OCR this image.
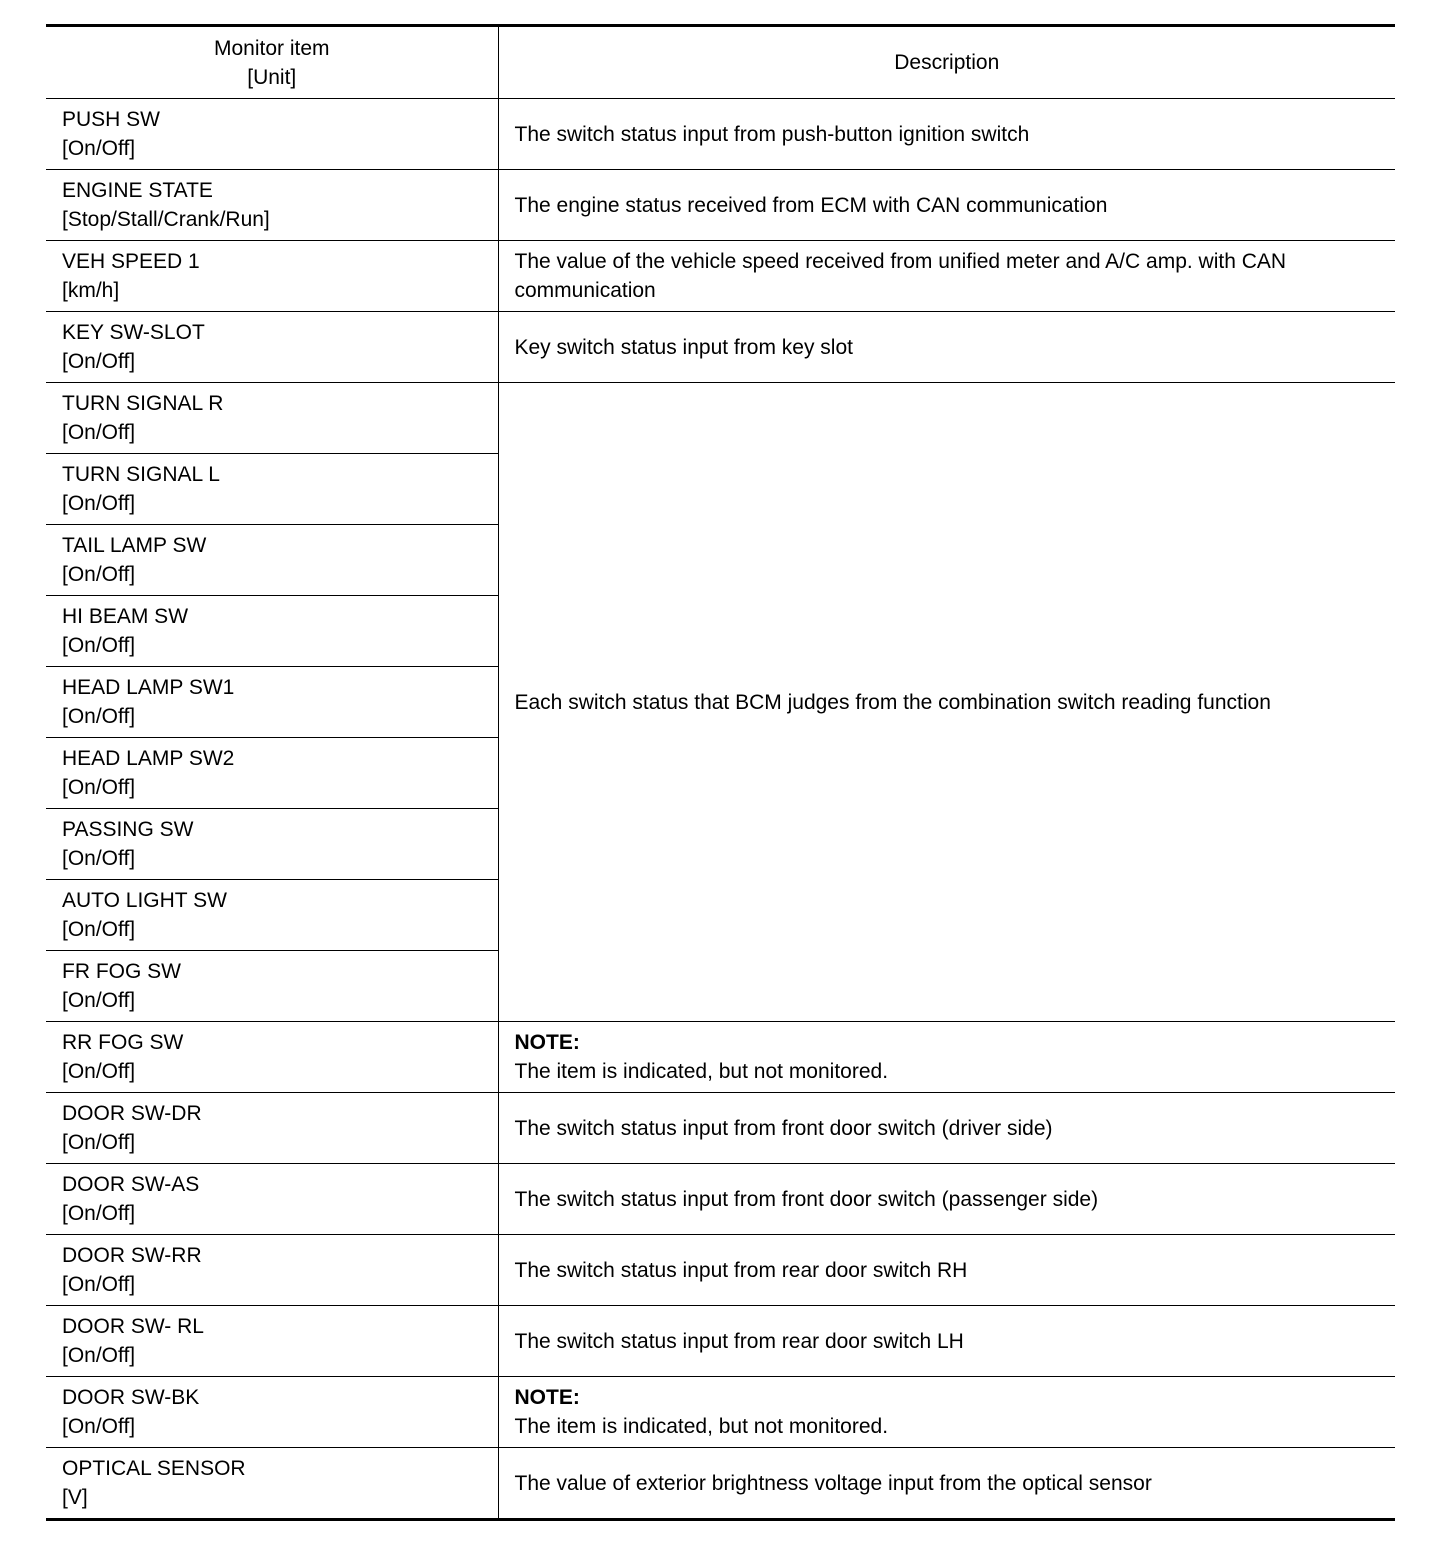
Monitor item
[Unit]	Description

PUSH SW
[On/Off]	The switch status input from push-button ignition switch

ENGINE STATE
[Stop/Stall/Crank/Run]	The engine status received from ECM with CAN communication

VEH SPEED 1
[km/h]	The value of the vehicle speed received from unified meter and A/C amp. with CAN communication

KEY SW-SLOT
[On/Off]	Key switch status input from key slot

TURN SIGNAL R
[On/Off]	Each switch status that BCM judges from the combination switch reading function

TURN SIGNAL L
[On/Off]	

TAIL LAMP SW
[On/Off]	

HI BEAM SW
[On/Off]	

HEAD LAMP SW1
[On/Off]	

HEAD LAMP SW2
[On/Off]	

PASSING SW
[On/Off]	

AUTO LIGHT SW
[On/Off]	

FR FOG SW
[On/Off]	

RR FOG SW
[On/Off]	NOTE:
The item is indicated, but not monitored.

DOOR SW-DR
[On/Off]	The switch status input from front door switch (driver side)

DOOR SW-AS
[On/Off]	The switch status input from front door switch (passenger side)

DOOR SW-RR
[On/Off]	The switch status input from rear door switch RH

DOOR SW- RL
[On/Off]	The switch status input from rear door switch LH

DOOR SW-BK
[On/Off]	NOTE:
The item is indicated, but not monitored.

OPTICAL SENSOR
[V]	The value of exterior brightness voltage input from the optical sensor
